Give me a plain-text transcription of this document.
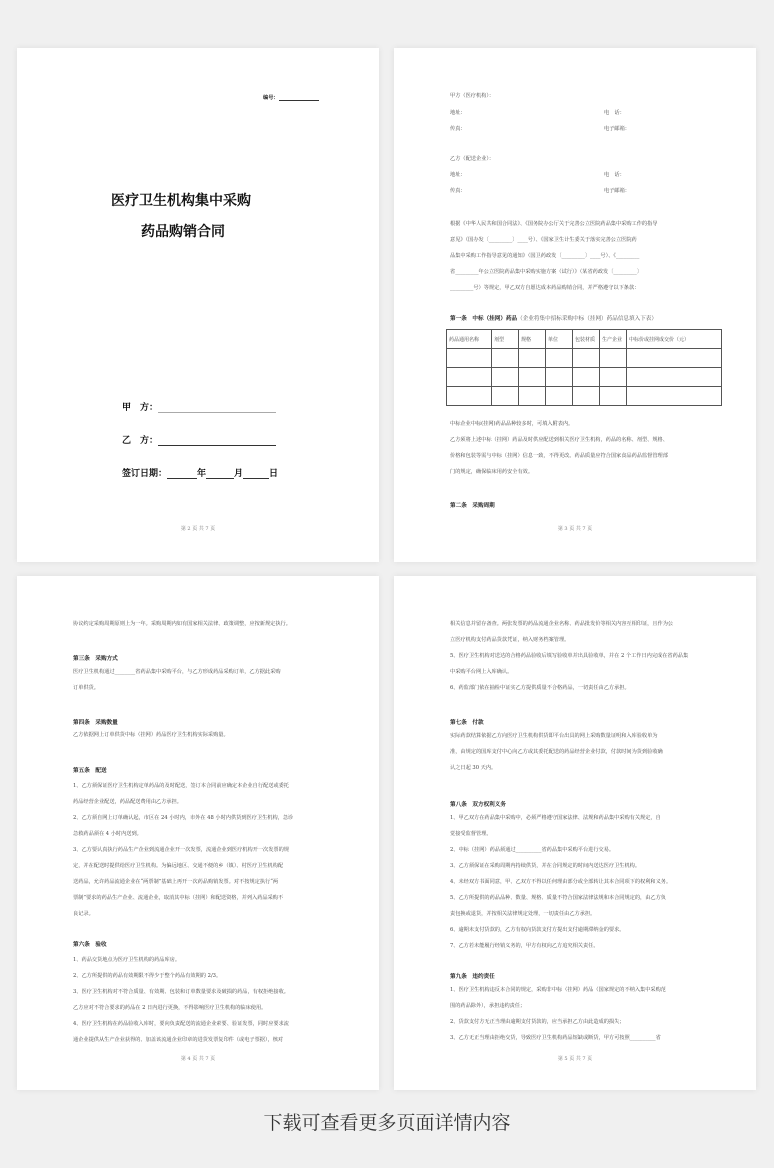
编号：
医疗卫生机构集中采购
药品购销合同
甲　方：
乙　方：
签订日期：	年	月	日
第 2 页 共 7 页
甲方（医疗机构）：
地址：	电　话：
传真：	电子邮箱：
乙方（配送企业）：
地址：	电　话：
传真：	电子邮箱：
根据《中华人民共和国合同法》、《国务院办公厅关于完善公立医院药品集中采购工作的指导
意见》（国办发〔_________〕____号）、《国家卫生计生委关于落实完善公立医院药
品集中采购工作指导意见的通知》（国卫药政发〔_________〕____号）、《_________
省_________年公立医院药品集中采购实施方案（试行）》（某省药政发〔_________〕
_________号）等规定，甲乙双方自愿达成本药品购销合同，并严格遵守以下条款：
第一条　中标（挂网）药品（企业将集中招标采购中标（挂网）药品信息填入下表）
药品通用名称	剂型	规格	单位	包装材质	生产企业	中标价或挂网成交价（元）

中标企业中标(挂网)药品品种较多时，可填入附表内。
乙方须将上述中标（挂网）药品及时供应配送到相关医疗卫生机构，药品的名称、剂型、规格、
价格和包装等需与中标（挂网）信息一致，不得更改。药品质量应符合国家食品药品监督管理部
门的规定，确保临床用药安全有效。
第二条　采购周期
第 3 页 共 7 页
协议约定采购周期原则上为一年。采购周期内如有国家相关法律、政策调整，应按新规定执行。
第三条　采购方式
医疗卫生机构通过________省药品集中采购平台，与乙方形成药品采购订单，乙方据此采购
订单供货。
第四条　采购数量
乙方依据网上订单供货中标（挂网）药品医疗卫生机构实际采购量。
第五条　配送
1、乙方须保证医疗卫生机构定单药品的及时配送，签订本合同前应确定本企业自行配送或委托
药品经营企业配送，药品配送费用由乙方承担。
2、乙方须自网上订单确认起，市区在 24 小时内，市外在 48 小时内供货到医疗卫生机构，急诊
急救药品须在 4 小时内送到。
3、乙方要认真执行药品生产企业到流通企业开一次发票，流通企业到医疗机构开一次发票的规
定，并在配送时提供给医疗卫生机构。为偏远地区、交通不便的乡（镇）、村医疗卫生机构配
送药品，允许药品流通企业在“两票制”基础上再开一次药品购销发票。对不按规定执行“两
票制”要求的药品生产企业、流通企业，取消其中标（挂网）和配送资格，并列入药品采购不
良记录。
第六条　验收
1、药品交货地点为医疗卫生机构的药品库房。
2、乙方所提供的药品有效期限不得少于整个药品有效期的 2/3。
3、医疗卫生机构对不符合质量、有效期、包装和订单数量要求及破损的药品，有权拒绝接收。
乙方应对不符合要求的药品在 2 日内进行更换，不得影响医疗卫生机构的临床使用。
4、医疗卫生机构在药品验收入库时，要向负责配送的流通企业索要、验证发票，同时应要求流
通企业提供从生产企业获得的、加盖该流通企业印章的进货发票复印件（或电子票据），核对
第 4 页 共 7 页
相关信息并留存备查。两张发票的药品流通企业名称、药品批发价等相关内容互相印证，且作为公
立医疗机构支付药品货款凭证，纳入财务档案管理。
5、医疗卫生机构对送达的合格药品验收后填写验收单并出具验收单，并在 2 个工作日内完成在省药品集
中采购平台网上入库确认。
6、药监部门依在抽检中证实乙方提供质量不合格药品，一切责任由乙方承担。
第七条　付款
实际药款结算依据乙方向医疗卫生机构供货即平台出具的网上采购数量证明和入库验收单为
准，由规定的国库支付中心向乙方或其委托配送的药品经营企业付款，付款时间为货到验收确
认之日起 30 天内。
第八条　双方权利义务
1、甲乙双方在药品集中采购中，必须严格遵守国家法律、法规和药品集中采购有关规定，自
觉接受监督管理。
2、中标（挂网）药品须通过__________省药品集中采购平台进行交易。
3、乙方须保证在采购周期内持续供货，并在合同规定的时间内送达医疗卫生机构。
4、未经双方书面同意，甲、乙双方不得以任何理由部分或全部转让其本合同项下的权利和义务。
5、乙方所提供的药品品种、数量、规格、质量不符合国家法律法规和本合同规定的，由乙方负
责包换或退货，并按相关法律规定处理，一切责任由乙方承担。
6、逾期未支付货款的，乙方有权向货款支付方提出支付逾期滞纳金的要求。
7、乙方若未能履行经销义务的，甲方有权向乙方追究相关责任。
第九条　违约责任
1、医疗卫生机构违反本合同的规定，采购非中标（挂网）药品（国家规定的不纳入集中采购范
围的药品除外），承担违约责任；
2、货款支付方无正当理由逾期支付货款的，应当承担乙方由此造成的损失；
3、乙方无正当理由拒绝交货，导致医疗卫生机构药品短缺或断货，甲方可按照__________省
第 5 页 共 7 页
下载可查看更多页面详情内容
